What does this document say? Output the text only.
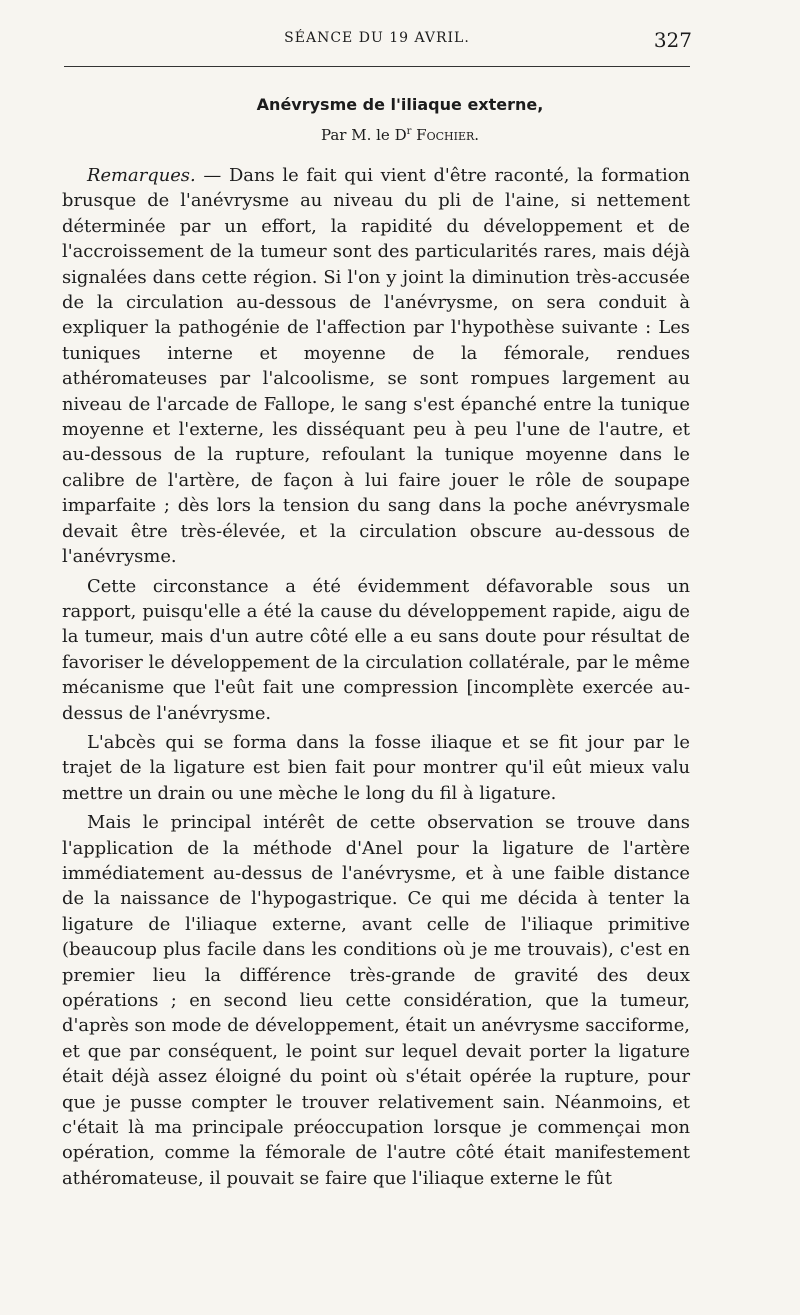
SÉANCE DU 19 AVRIL.	327
Anévrysme de l'iliaque externe,
Par M. le $D^r$ Fochier.

Remarques. — Dans le fait qui vient d'être raconté, la formation brusque de l'anévrysme au niveau du pli de l'aine, si nettement déterminée par un effort, la rapidité du développement et de l'accroissement de la tumeur sont des particularités rares, mais déjà signalées dans cette région. Si l'on y joint la diminution très-accusée de la circulation au-dessous de l'anévrysme, on sera conduit à expliquer la pathogénie de l'affection par l'hypothèse suivante : Les tuniques interne et moyenne de la fémorale, rendues athéromateuses par l'alcoolisme, se sont rompues largement au niveau de l'arcade de Fallope, le sang s'est épanché entre la tunique moyenne et l'externe, les disséquant peu à peu l'une de l'autre, et au-dessous de la rupture, refoulant la tunique moyenne dans le calibre de l'artère, de façon à lui faire jouer le rôle de soupape imparfaite ; dès lors la tension du sang dans la poche anévrysmale devait être très-élevée, et la circulation obscure au-dessous de l'anévrysme.

Cette circonstance a été évidemment défavorable sous un rapport, puisqu'elle a été la cause du développement rapide, aigu de la tumeur, mais d'un autre côté elle a eu sans doute pour résultat de favoriser le développement de la circulation collatérale, par le même mécanisme que l'eût fait une compression [incomplète exercée au-dessus de l'anévrysme.

L'abcès qui se forma dans la fosse iliaque et se fit jour par le trajet de la ligature est bien fait pour montrer qu'il eût mieux valu mettre un drain ou une mèche le long du fil à ligature.

Mais le principal intérêt de cette observation se trouve dans l'application de la méthode d'Anel pour la ligature de l'artère immédiatement au-dessus de l'anévrysme, et à une faible distance de la naissance de l'hypogastrique. Ce qui me décida à tenter la ligature de l'iliaque externe, avant celle de l'iliaque primitive (beaucoup plus facile dans les conditions où je me trouvais), c'est en premier lieu la différence très-grande de gravité des deux opérations ; en second lieu cette considération, que la tumeur, d'après son mode de développement, était un anévrysme sacciforme, et que par conséquent, le point sur lequel devait porter la ligature était déjà assez éloigné du point où s'était opérée la rupture, pour que je pusse compter le trouver relativement sain. Néanmoins, et c'était là ma principale préoccupation lorsque je commençai mon opération, comme la fémorale de l'autre côté était manifestement athéromateuse, il pouvait se faire que l'iliaque externe le fût
